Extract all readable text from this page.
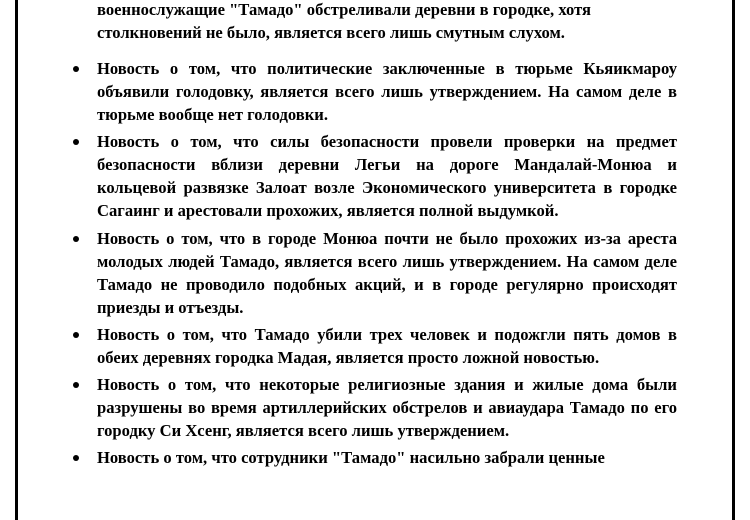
военнослужащие "Тамадо" обстреливали деревни в городке, хотя
столкновений не было, является всего лишь смутным слухом.
Новость о том, что политические заключенные в тюрьме Кьяикмароу объявили голодовку, является всего лишь утверждением. На самом деле в тюрьме вообще нет голодовки.
Новость о том, что силы безопасности провели проверки на предмет безопасности вблизи деревни Легьи на дороге Мандалай-Монюа и кольцевой развязке Залоат возле Экономического университета в городке Сагаинг и арестовали прохожих, является полной выдумкой.
Новость о том, что в городе Монюа почти не было прохожих из-за ареста молодых людей Тамадо, является всего лишь утверждением. На самом деле Тамадо не проводило подобных акций, и в городе регулярно происходят приезды и отъезды.
Новость о том, что Тамадо убили трех человек и подожгли пять домов в обеих деревнях городка Мадая, является просто ложной новостью.
Новость о том, что некоторые религиозные здания и жилые дома были разрушены во время артиллерийских обстрелов и авиаудара Тамадо по его городку Си Хсенг, является всего лишь утверждением.
Новость о том, что сотрудники "Тамадо" насильно забрали ценные
